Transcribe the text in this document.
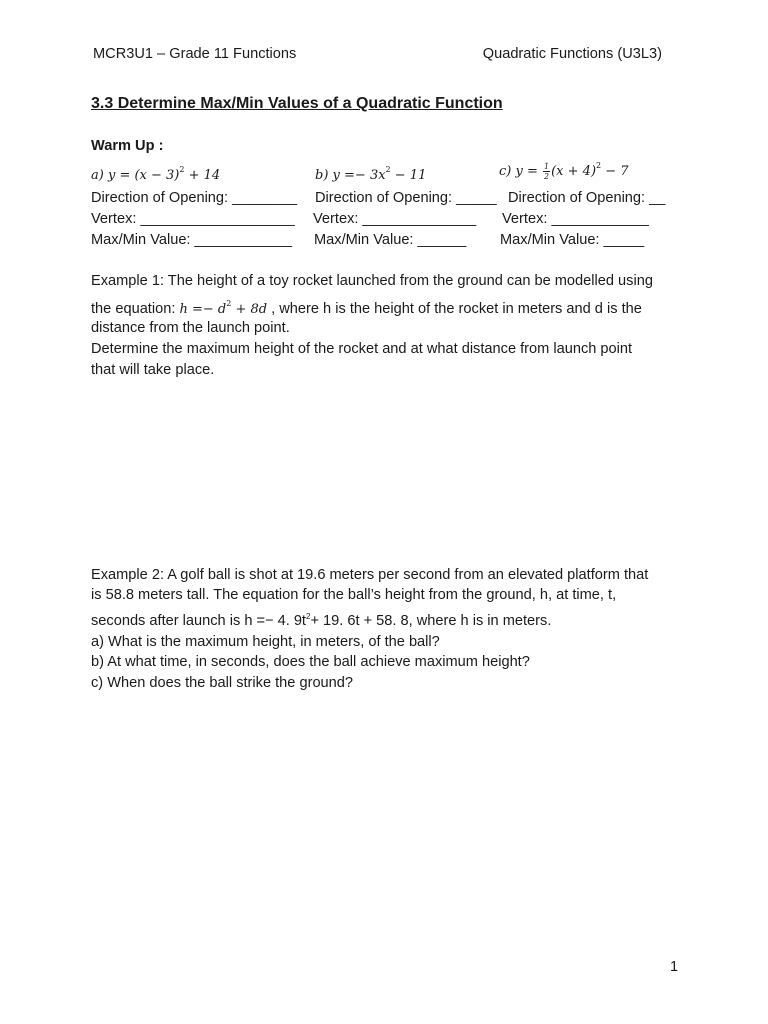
MCR3U1 – Grade 11 Functions	Quadratic Functions (U3L3)
3.3 Determine Max/Min Values of a Quadratic Function
Warm Up :
a) $y = (x - 3)^2 + 14$	b) $y =- 3x^2 - 11$	c) $y = \frac{1}{2} (x + 4)^2 - 7$
Direction of Opening: ________ Direction of Opening: _____ Direction of Opening: __
Vertex: ___________________ Vertex: ______________ Vertex: ____________
Max/Min Value: ____________ Max/Min Value: ______ Max/Min Value: _____
Example 1: The height of a toy rocket launched from the ground can be modelled using
the equation: $h =- d^2 + 8d$ , where h is the height of the rocket in meters and d is the
distance from the launch point.
Determine the maximum height of the rocket and at what distance from launch point
that will take place.
Example 2: A golf ball is shot at 19.6 meters per second from an elevated platform that
is 58.8 meters tall. The equation for the ball’s height from the ground, h, at time, t,
seconds after launch is h =− 4. $9t^2+ 19$. 6t + 58. 8, where h is in meters.
a) What is the maximum height, in meters, of the ball?
b) At what time, in seconds, does the ball achieve maximum height?
c) When does the ball strike the ground?
1
